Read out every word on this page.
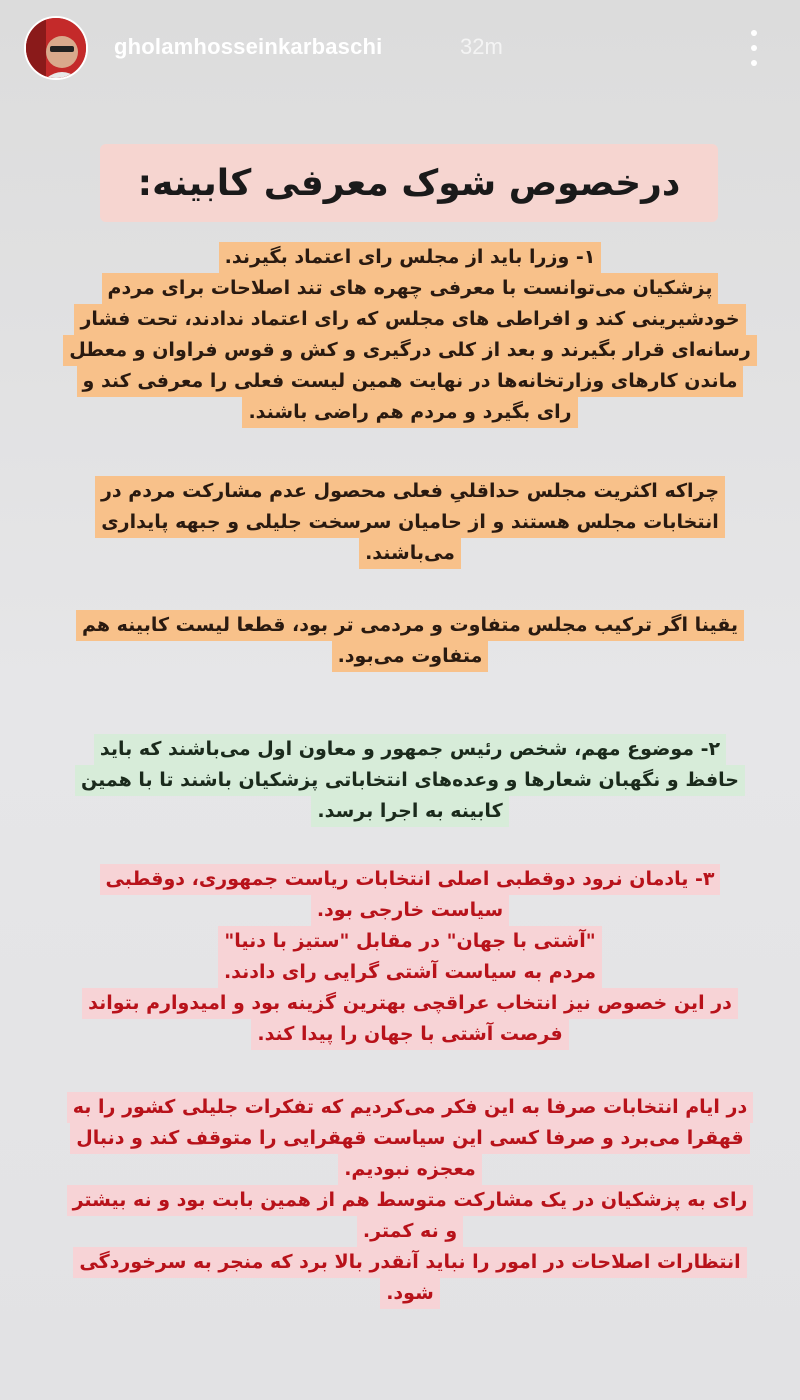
gholamhosseinkarbaschi	32m
درخصوص شوک معرفی کابینه:
۱- وزرا باید از مجلس رای اعتماد بگیرند.
پزشکیان می‌توانست با معرفی چهره های تند اصلاحات برای مردم
خودشیرینی کند و افراطی های مجلس که رای اعتماد ندادند، تحت فشار
رسانه‌ای قرار بگیرند و بعد از کلی درگیری و کش و قوس فراوان و معطل
ماندن کارهای وزارتخانه‌ها در نهایت همین لیست فعلی را معرفی کند و
رای بگیرد و مردم هم راضی باشند.
چراکه اکثریت مجلس حداقلیِ فعلی محصول عدم مشارکت مردم در
انتخابات مجلس هستند و از حامیان سرسخت جلیلی و جبهه پایداری
می‌باشند.
یقینا اگر ترکیب مجلس متفاوت و مردمی تر بود، قطعا لیست کابینه هم
متفاوت می‌بود.
۲- موضوع مهم، شخص رئیس جمهور و معاون اول می‌باشند که باید
حافظ و نگهبان شعارها و وعده‌های انتخاباتی پزشکیان باشند تا با همین
کابینه به اجرا برسد.
۳- یادمان نرود دوقطبی اصلی انتخابات ریاست جمهوری، دوقطبی
سیاست خارجی بود.
"آشتی با جهان" در مقابل "ستیز با دنیا"
مردم به سیاست آشتی گرایی رای دادند.
در این خصوص نیز انتخاب عراقچی بهترین گزینه بود و امیدوارم بتواند
فرصت آشتی با جهان را پیدا کند.
در ایام انتخابات صرفا به این فکر می‌کردیم که تفکرات جلیلی کشور را به
قهقرا می‌برد و صرفا کسی این سیاست قهقرایی را متوقف کند و دنبال
معجزه نبودیم.
رای به پزشکیان در یک مشارکت متوسط هم از همین بابت بود و نه بیشتر
و نه کمتر.
انتظارات اصلاحات در امور را نباید آنقدر بالا برد که منجر به سرخوردگی
شود.
